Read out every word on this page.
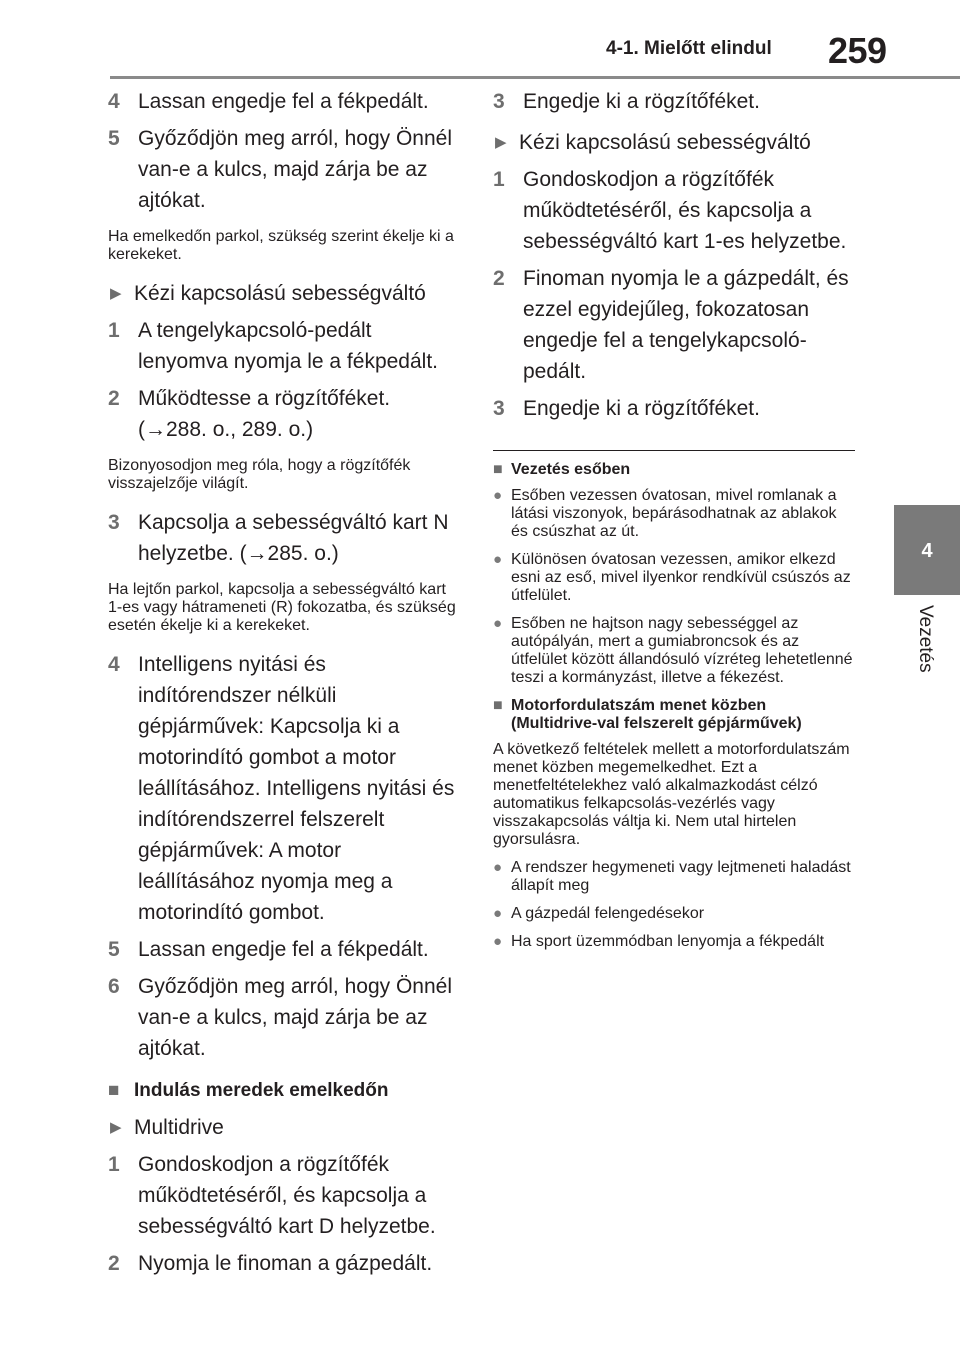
4-1. Mielőtt elindul 259
4
Vezetés
4 Lassan engedje fel a fékpedált.
5 Győződjön meg arról, hogy Önnél van-e a kulcs, majd zárja be az ajtókat.
Ha emelkedőn parkol, szükség szerint ékelje ki a kerekeket.
▶ Kézi kapcsolású sebességváltó
1 A tengelykapcsoló-pedált lenyomva nyomja le a fékpedált.
2 Működtesse a rögzítőféket. (→288. o., 289. o.)
Bizonyosodjon meg róla, hogy a rögzítőfék visszajelzője világít.
3 Kapcsolja a sebességváltó kart N helyzetbe. (→285. o.)
Ha lejtőn parkol, kapcsolja a sebességváltó kart 1-es vagy hátrameneti (R) fokozatba, és szükség esetén ékelje ki a kerekeket.
4 Intelligens nyitási és indítórendszer nélküli gépjárművek: Kapcsolja ki a motorindító gombot a motor leállításához. Intelligens nyitási és indítórendszerrel felszerelt gépjárművek: A motor leállításához nyomja meg a motorindító gombot.
5 Lassan engedje fel a fékpedált.
6 Győződjön meg arról, hogy Önnél van-e a kulcs, majd zárja be az ajtókat.
■ Indulás meredek emelkedőn
▶ Multidrive
1 Gondoskodjon a rögzítőfék működtetéséről, és kapcsolja a sebességváltó kart D helyzetbe.
2 Nyomja le finoman a gázpedált.
3 Engedje ki a rögzítőféket.
▶ Kézi kapcsolású sebességváltó
1 Gondoskodjon a rögzítőfék működtetéséről, és kapcsolja a sebességváltó kart 1-es helyzetbe.
2 Finoman nyomja le a gázpedált, és ezzel egyidejűleg, fokozatosan engedje fel a tengelykapcsoló-pedált.
3 Engedje ki a rögzítőféket.
■ Vezetés esőben
● Esőben vezessen óvatosan, mivel romlanak a látási viszonyok, bepárásodhatnak az ablakok és csúszhat az út.
● Különösen óvatosan vezessen, amikor elkezd esni az eső, mivel ilyenkor rendkívül csúszós az útfelület.
● Esőben ne hajtson nagy sebességgel az autópályán, mert a gumiabroncsok és az útfelület között állandósuló vízréteg lehetetlenné teszi a kormányzást, illetve a fékezést.
■ Motorfordulatszám menet közben (Multidrive-val felszerelt gépjárművek)
A következő feltételek mellett a motorfordulatszám menet közben megemelkedhet. Ezt a menetfeltételekhez való alkalmazkodást célzó automatikus felkapcsolás-vezérlés vagy visszakapcsolás váltja ki. Nem utal hirtelen gyorsulásra.
● A rendszer hegymeneti vagy lejtmeneti haladást állapít meg
● A gázpedál felengedésekor
● Ha sport üzemmódban lenyomja a fékpedált
